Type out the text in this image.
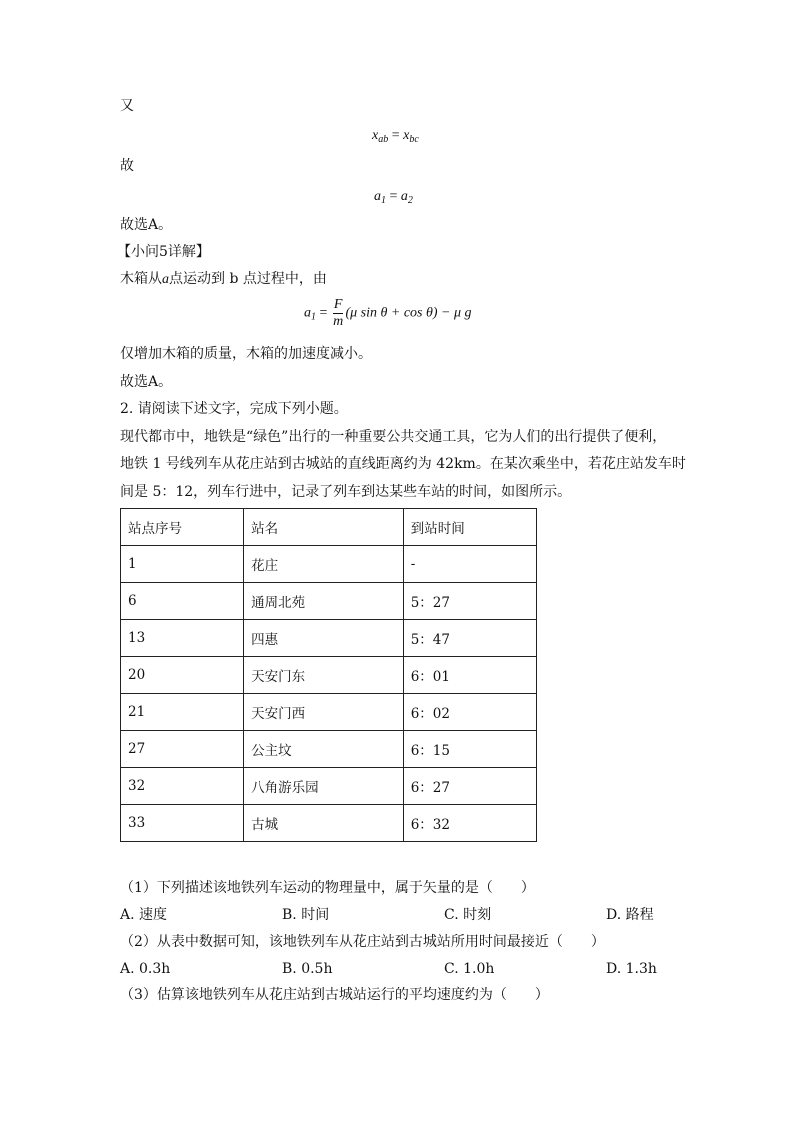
又
$x_{ab} = x_{bc}$
故
$a_1 = a_2$
故选A。
【小问5详解】
木箱从a点运动到 b 点过程中，由
$a_1 = \frac{F}{m} (\mu$ sin θ + cos θ) − μ g
仅增加木箱的质量，木箱的加速度减小。
故选A。
2. 请阅读下述文字，完成下列小题。
现代都市中，地铁是“绿色”出行的一种重要公共交通工具，它为人们的出行提供了便利，
地铁 1 号线列车从花庄站到古城站的直线距离约为 42km。在某次乘坐中，若花庄站发车时
间是 5：12，列车行进中，记录了列车到达某些车站的时间，如图所示。
站点序号	站名	到站时间
1	花庄	-
6	通周北苑	5：27
13	四惠	5：47
20	天安门东	6：01
21	天安门西	6：02
27	公主坟	6：15
32	八角游乐园	6：27
33	古城	6：32
（1）下列描述该地铁列车运动的物理量中，属于矢量的是（　　）
A. 速度	B. 时间	C. 时刻	D. 路程
（2）从表中数据可知，该地铁列车从花庄站到古城站所用时间最接近（　　）
A. 0.3h	B. 0.5h	C. 1.0h	D. 1.3h
（3）估算该地铁列车从花庄站到古城站运行的平均速度约为（　　）
